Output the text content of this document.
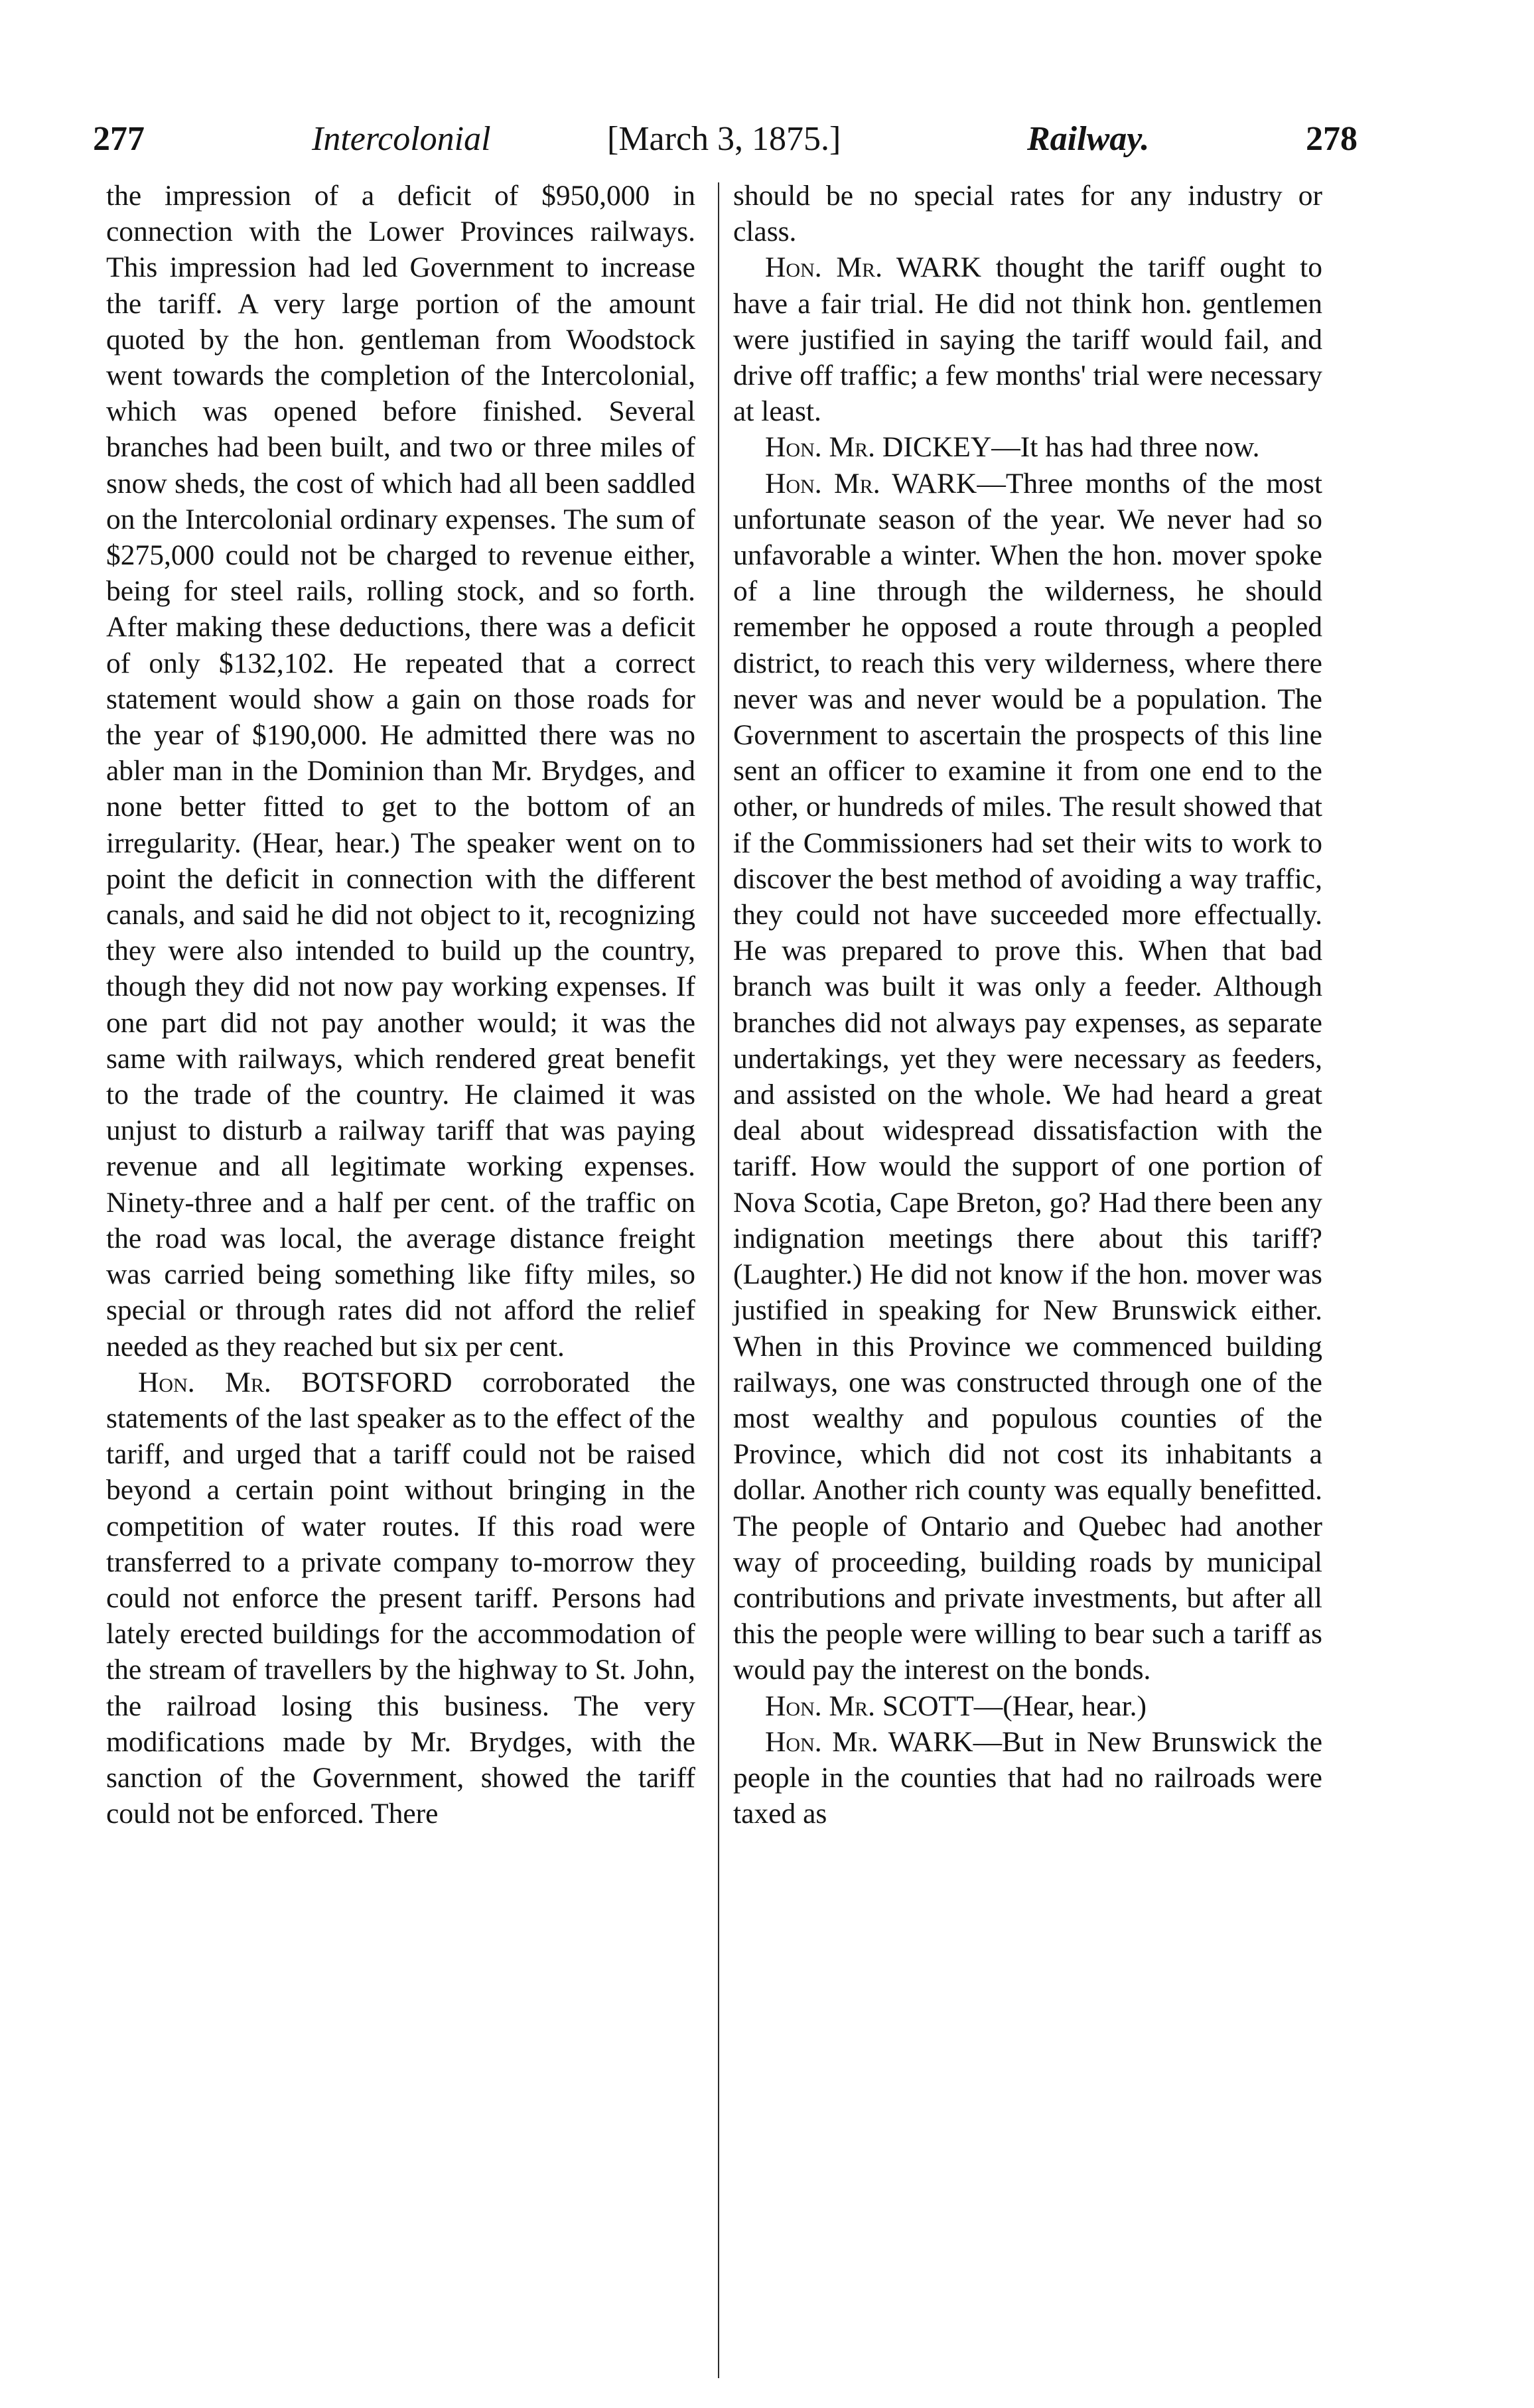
277	Intercolonial	[March 3, 1875.]	Railway.	278

the impression of a deficit of $950,000 in connection with the Lower Provinces railways. This impression had led Government to increase the tariff. A very large portion of the amount quoted by the hon. gentleman from Woodstock went towards the completion of the Intercolonial, which was opened before finished. Several branches had been built, and two or three miles of snow sheds, the cost of which had all been saddled on the Intercolonial ordinary expenses. The sum of $275,000 could not be charged to revenue either, being for steel rails, rolling stock, and so forth. After making these deductions, there was a deficit of only $132,102. He repeated that a correct statement would show a gain on those roads for the year of $190,000. He admitted there was no abler man in the Dominion than Mr. Brydges, and none better fitted to get to the bottom of an irregularity. (Hear, hear.) The speaker went on to point the deficit in connection with the different canals, and said he did not object to it, recognizing they were also intended to build up the country, though they did not now pay working expenses. If one part did not pay another would; it was the same with railways, which rendered great benefit to the trade of the country. He claimed it was unjust to disturb a railway tariff that was paying revenue and all legitimate working expenses. Ninety-three and a half per cent. of the traffic on the road was local, the average distance freight was carried being something like fifty miles, so special or through rates did not afford the relief needed as they reached but six per cent.

Hon. Mr. BOTSFORD corroborated the statements of the last speaker as to the effect of the tariff, and urged that a tariff could not be raised beyond a certain point without bringing in the competition of water routes. If this road were transferred to a private company to-morrow they could not enforce the present tariff. Persons had lately erected buildings for the accommodation of the stream of travellers by the highway to St. John, the railroad losing this business. The very modifications made by Mr. Brydges, with the sanction of the Government, showed the tariff could not be enforced. There

should be no special rates for any industry or class.

Hon. Mr. WARK thought the tariff ought to have a fair trial. He did not think hon. gentlemen were justified in saying the tariff would fail, and drive off traffic; a few months' trial were necessary at least.

Hon. Mr. DICKEY—It has had three now.

Hon. Mr. WARK—Three months of the most unfortunate season of the year. We never had so unfavorable a winter. When the hon. mover spoke of a line through the wilderness, he should remember he opposed a route through a peopled district, to reach this very wilderness, where there never was and never would be a population. The Government to ascertain the prospects of this line sent an officer to examine it from one end to the other, or hundreds of miles. The result showed that if the Commissioners had set their wits to work to discover the best method of avoiding a way traffic, they could not have succeeded more effectually. He was prepared to prove this. When that bad branch was built it was only a feeder. Although branches did not always pay expenses, as separate undertakings, yet they were necessary as feeders, and assisted on the whole. We had heard a great deal about widespread dissatisfaction with the tariff. How would the support of one portion of Nova Scotia, Cape Breton, go? Had there been any indignation meetings there about this tariff? (Laughter.) He did not know if the hon. mover was justified in speaking for New Brunswick either. When in this Province we commenced building railways, one was constructed through one of the most wealthy and populous counties of the Province, which did not cost its inhabitants a dollar. Another rich county was equally benefitted. The people of Ontario and Quebec had another way of proceeding, building roads by municipal contributions and private investments, but after all this the people were willing to bear such a tariff as would pay the interest on the bonds.

Hon. Mr. SCOTT—(Hear, hear.)

Hon. Mr. WARK—But in New Brunswick the people in the counties that had no railroads were taxed as
